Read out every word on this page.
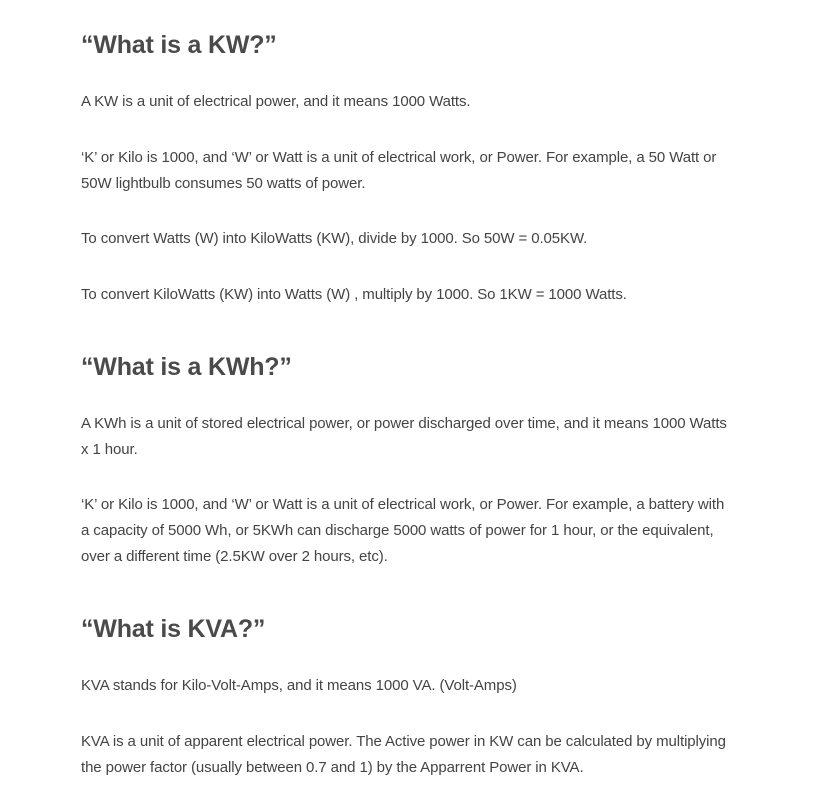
“What is a KW?”

A KW is a unit of electrical power, and it means 1000 Watts.

‘K’ or Kilo is 1000, and ‘W’ or Watt is a unit of electrical work, or Power. For example, a 50 Watt or 50W lightbulb consumes 50 watts of power.

To convert Watts (W) into KiloWatts (KW), divide by 1000. So 50W = 0.05KW.

To convert KiloWatts (KW) into Watts (W) , multiply by 1000. So 1KW = 1000 Watts.

“What is a KWh?”

A KWh is a unit of stored electrical power, or power discharged over time, and it means 1000 Watts x 1 hour.

‘K’ or Kilo is 1000, and ‘W’ or Watt is a unit of electrical work, or Power. For example, a battery with a capacity of 5000 Wh, or 5KWh can discharge 5000 watts of power for 1 hour, or the equivalent, over a different time (2.5KW over 2 hours, etc).

“What is KVA?”

KVA stands for Kilo-Volt-Amps, and it means 1000 VA. (Volt-Amps)

KVA is a unit of apparent electrical power. The Active power in KW can be calculated by multiplying the power factor (usually between 0.7 and 1) by the Apparrent Power in KVA.
